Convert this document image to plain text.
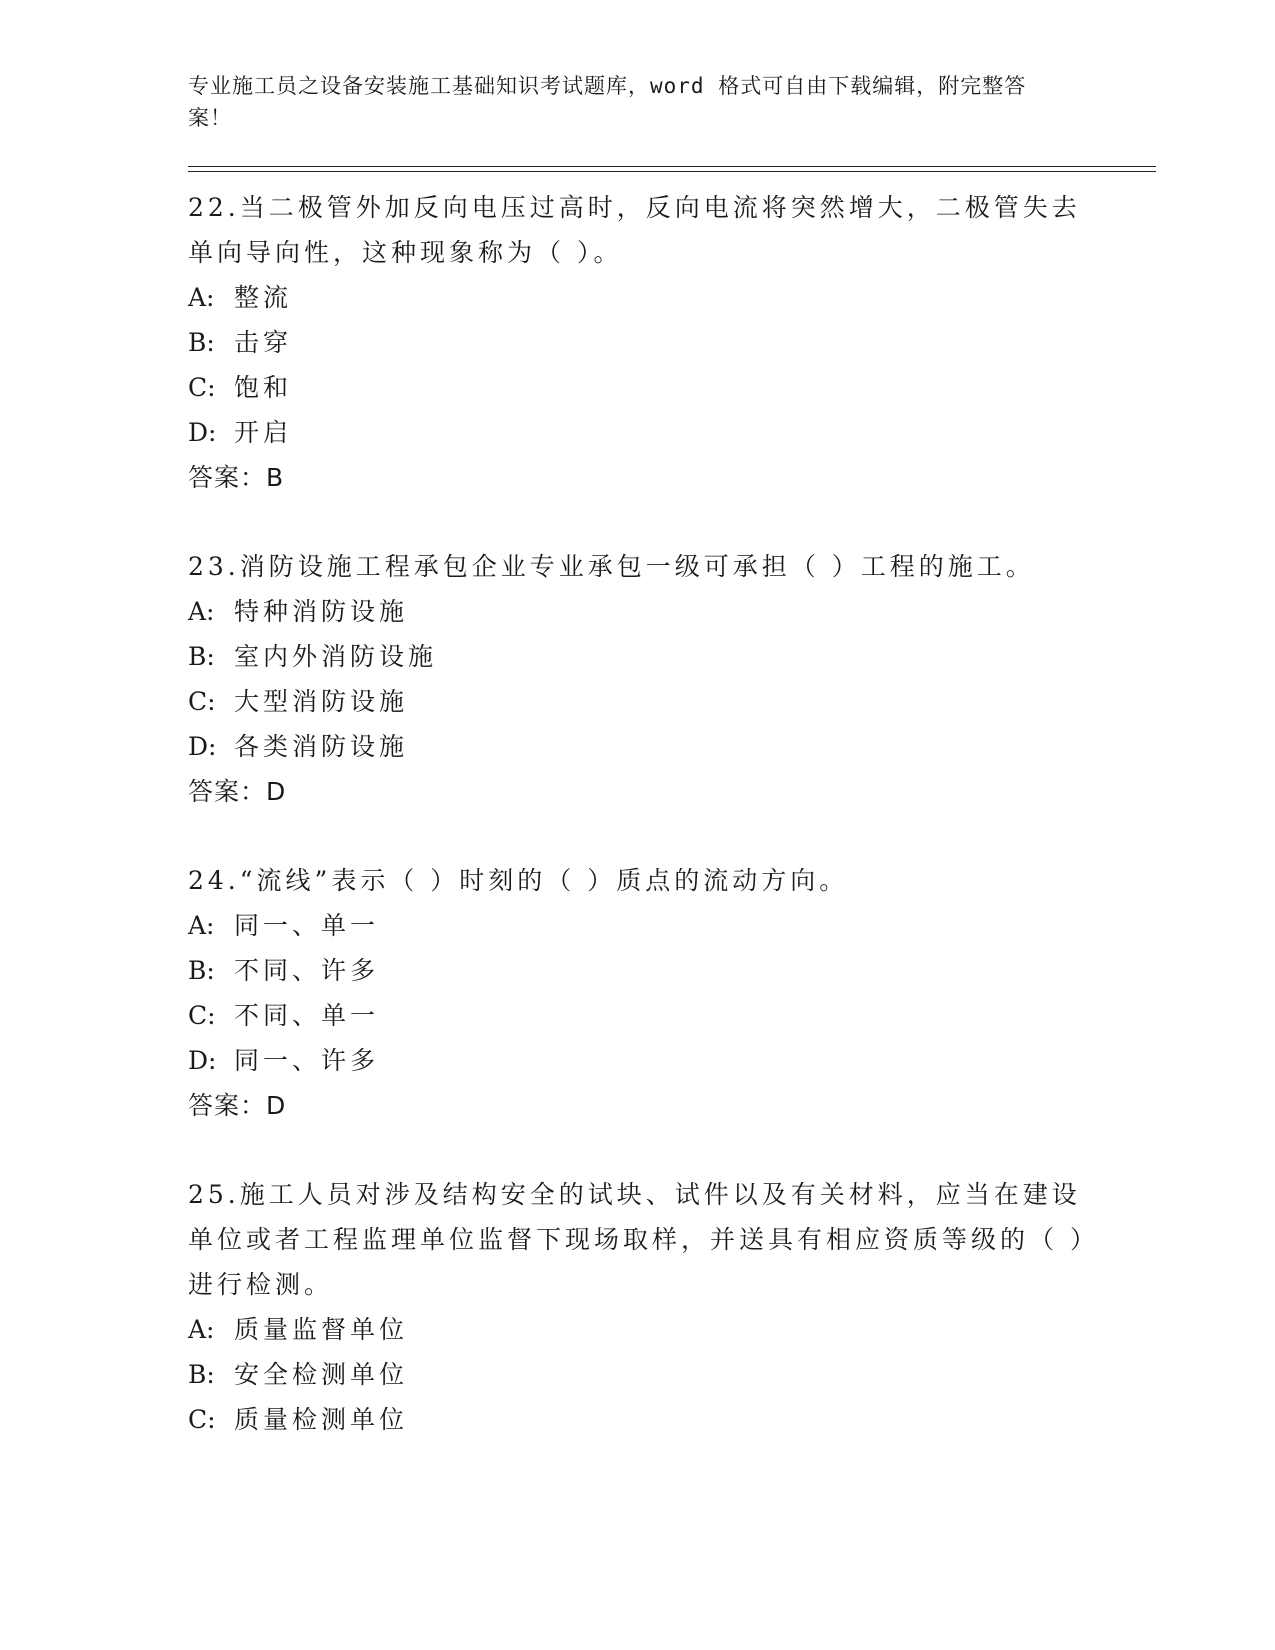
专业施工员之设备安装施工基础知识考试题库，word 格式可自由下载编辑，附完整答案！

22.当二极管外加反向电压过高时，反向电流将突然增大，二极管失去单向导向性，这种现象称为（ ）。

A: 整流

B: 击穿

C: 饱和

D: 开启

答案：B

23.消防设施工程承包企业专业承包一级可承担（ ）工程的施工。

A: 特种消防设施

B: 室内外消防设施

C: 大型消防设施

D: 各类消防设施

答案：D

24.“流线”表示（ ）时刻的（ ）质点的流动方向。

A: 同一、单一

B: 不同、许多

C: 不同、单一

D: 同一、许多

答案：D

25.施工人员对涉及结构安全的试块、试件以及有关材料，应当在建设单位或者工程监理单位监督下现场取样，并送具有相应资质等级的（ ）进行检测。

A: 质量监督单位

B: 安全检测单位

C: 质量检测单位
